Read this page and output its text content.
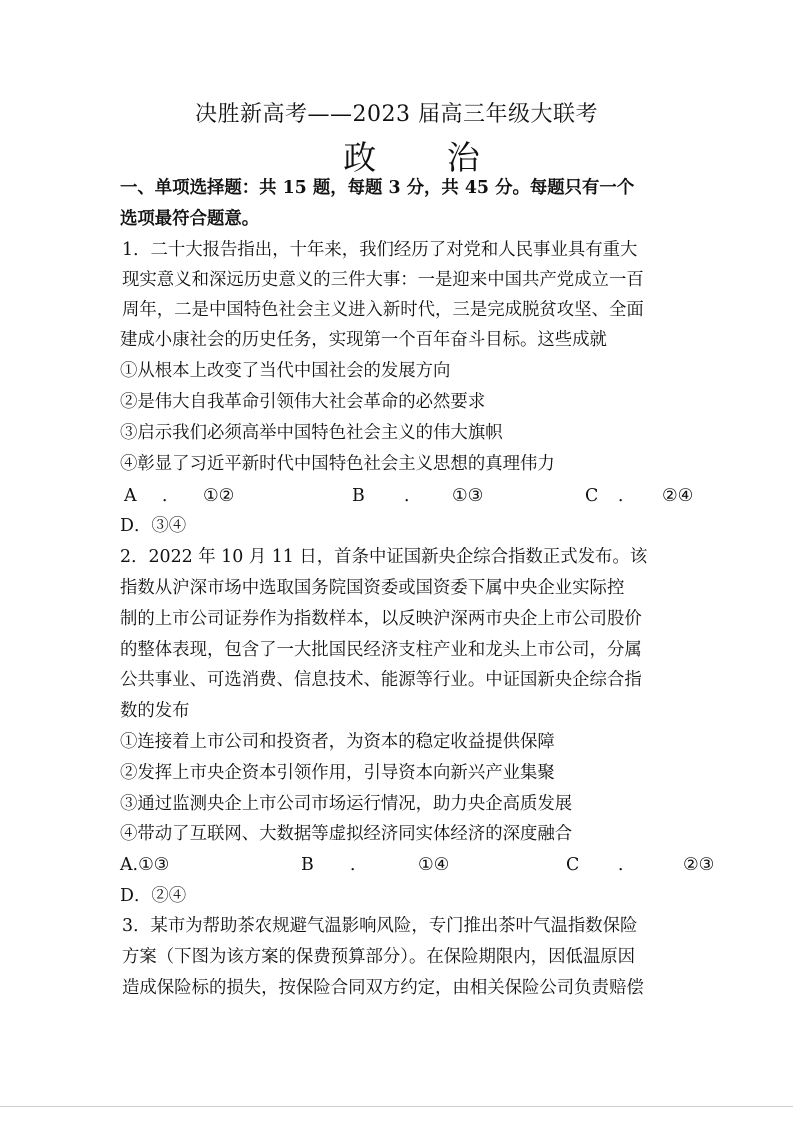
决胜新高考——2023 届高三年级大联考
政 治
一、单项选择题：共 15 题，每题 3 分，共 45 分。每题只有一个
选项最符合题意。
1．二十大报告指出，十年来，我们经历了对党和人民事业具有重大
现实意义和深远历史意义的三件大事：一是迎来中国共产党成立一百
周年，二是中国特色社会主义进入新时代，三是完成脱贫攻坚、全面
建成小康社会的历史任务，实现第一个百年奋斗目标。这些成就
①从根本上改变了当代中国社会的发展方向
②是伟大自我革命引领伟大社会革命的必然要求
③启示我们必须高举中国特色社会主义的伟大旗帜
④彰显了习近平新时代中国特色社会主义思想的真理伟力
A ． ①②	B ． ①③	C ． ②④
D．③④
2．2022 年 10 月 11 日，首条中证国新央企综合指数正式发布。该
指数从沪深市场中选取国务院国资委或国资委下属中央企业实际控
制的上市公司证券作为指数样本，以反映沪深两市央企上市公司股价
的整体表现，包含了一大批国民经济支柱产业和龙头上市公司，分属
公共事业、可选消费、信息技术、能源等行业。中证国新央企综合指
数的发布
①连接着上市公司和投资者，为资本的稳定收益提供保障
②发挥上市央企资本引领作用，引导资本向新兴产业集聚
③通过监测央企上市公司市场运行情况，助力央企高质发展
④带动了互联网、大数据等虚拟经济同实体经济的深度融合
A.①③	B ．	①④	C ．	②③
D．②④
3．某市为帮助茶农规避气温影响风险，专门推出茶叶气温指数保险
方案（下图为该方案的保费预算部分）。在保险期限内，因低温原因
造成保险标的损失，按保险合同双方约定，由相关保险公司负责赔偿
